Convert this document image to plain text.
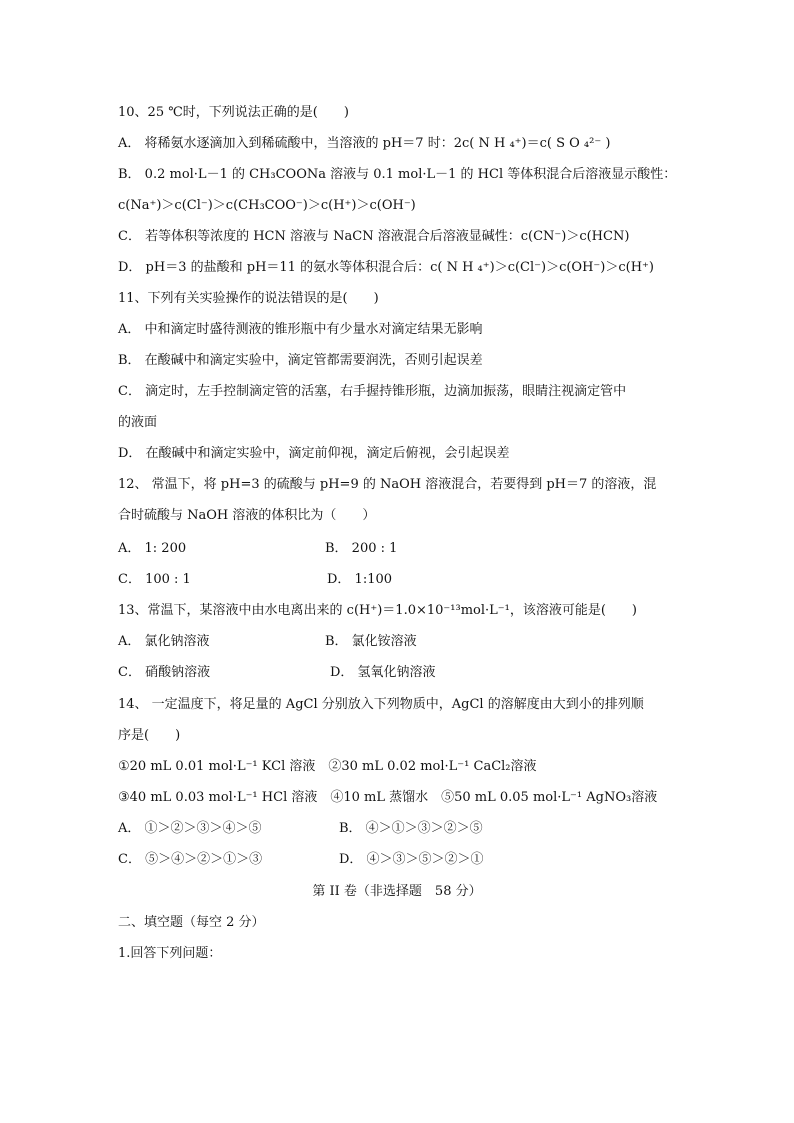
10、25 ℃时，下列说法正确的是(　　)
A． 将稀氨水逐滴加入到稀硫酸中，当溶液的 pH＝7 时：2c( N H ₄⁺)＝c( S O ₄²⁻ )
B． 0.2 mol·L－1 的 CH₃COONa 溶液与 0.1 mol·L－1 的 HCl 等体积混合后溶液显示酸性：
c(Na⁺)＞c(Cl⁻)＞c(CH₃COO⁻)＞c(H⁺)＞c(OH⁻)
C． 若等体积等浓度的 HCN 溶液与 NaCN 溶液混合后溶液显碱性：c(CN⁻)＞c(HCN)
D． pH＝3 的盐酸和 pH＝11 的氨水等体积混合后：c( N H ₄⁺)＞c(Cl⁻)＞c(OH⁻)＞c(H⁺)
11、下列有关实验操作的说法错误的是(　　)
A． 中和滴定时盛待测液的锥形瓶中有少量水对滴定结果无影响
B． 在酸碱中和滴定实验中，滴定管都需要润洗，否则引起误差
C． 滴定时，左手控制滴定管的活塞，右手握持锥形瓶，边滴加振荡，眼睛注视滴定管中
的液面
D． 在酸碱中和滴定实验中，滴定前仰视，滴定后俯视，会引起误差
12、 常温下，将 pH=3 的硫酸与 pH=9 的 NaOH 溶液混合，若要得到 pH＝7 的溶液，混
合时硫酸与 NaOH 溶液的体积比为（　　）
A． 1: 200	B． 200 : 1
C． 100 : 1	D． 1:100
13、常温下，某溶液中由水电离出来的 c(H⁺)＝1.0×10⁻¹³mol·L⁻¹，该溶液可能是(　　)
A． 氯化钠溶液	B． 氯化铵溶液
C． 硝酸钠溶液	D． 氢氧化钠溶液
14、 一定温度下，将足量的 AgCl 分别放入下列物质中，AgCl 的溶解度由大到小的排列顺
序是(　　)
①20 mL 0.01 mol·L⁻¹ KCl 溶液　②30 mL 0.02 mol·L⁻¹ CaCl₂溶液
③40 mL 0.03 mol·L⁻¹ HCl 溶液　④10 mL 蒸馏水　⑤50 mL 0.05 mol·L⁻¹ AgNO₃溶液
A． ①＞②＞③＞④＞⑤	B． ④＞①＞③＞②＞⑤
C． ⑤＞④＞②＞①＞③	D． ④＞③＞⑤＞②＞①
第 II 卷（非选择题　58 分）
二、填空题（每空 2 分）
1.回答下列问题：
